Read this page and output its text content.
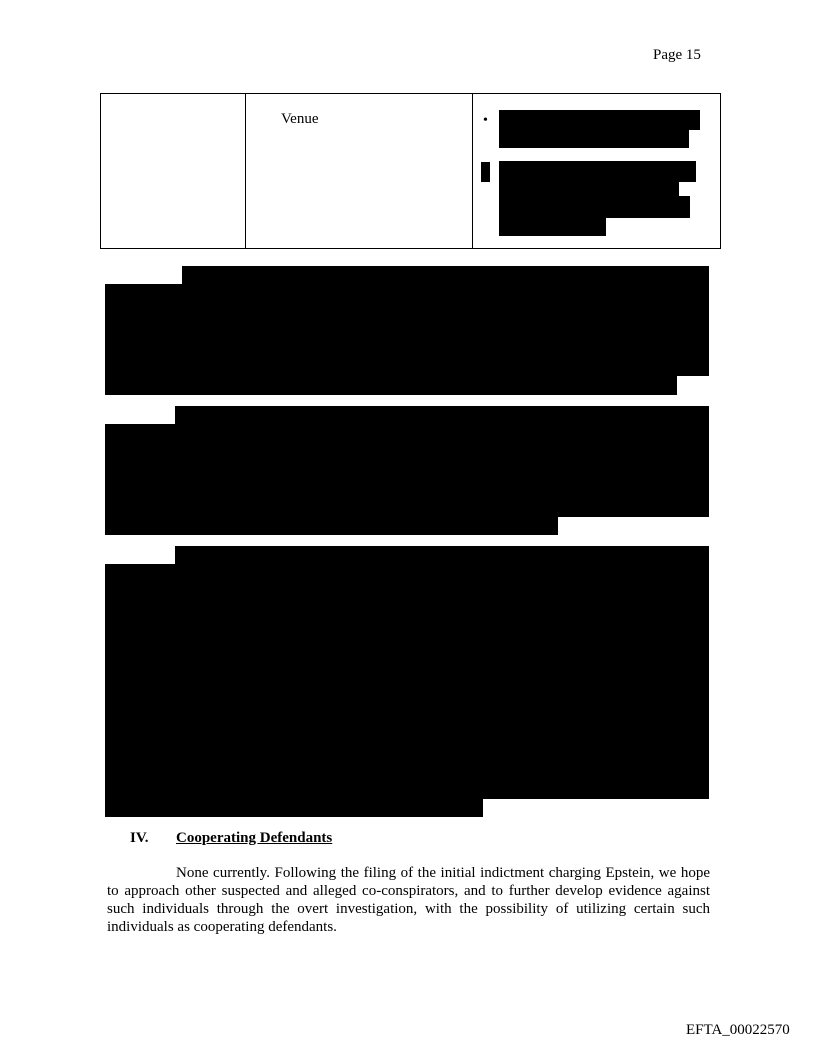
Page 15
Venue	•
IV. Cooperating Defendants
None currently. Following the filing of the initial indictment charging Epstein, we hope to approach other suspected and alleged co-conspirators, and to further develop evidence against such individuals through the overt investigation, with the possibility of utilizing certain such individuals as cooperating defendants.
EFTA_00022570
